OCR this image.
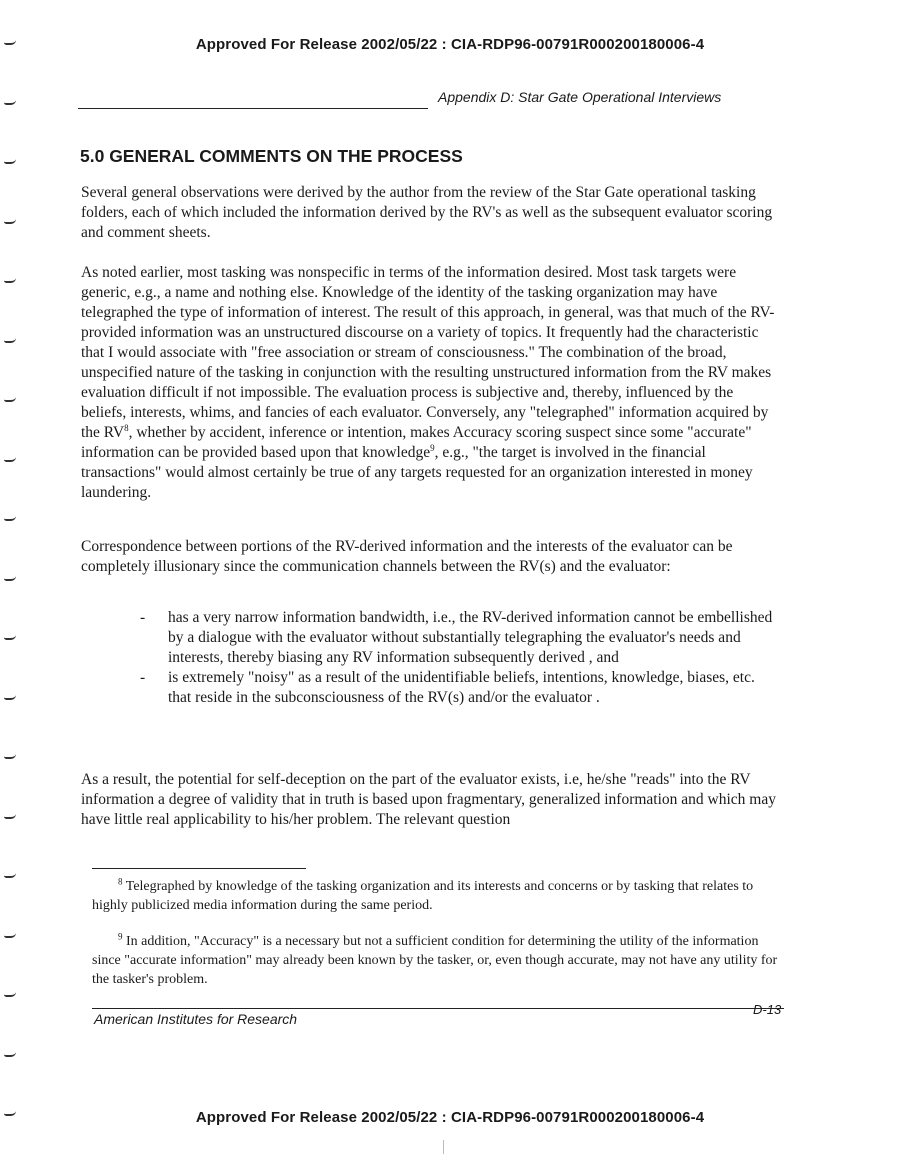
Approved For Release 2002/05/22 : CIA-RDP96-00791R000200180006-4
Appendix D: Star Gate Operational Interviews
5.0 GENERAL COMMENTS ON THE PROCESS

Several general observations were derived by the author from the review of the Star Gate operational tasking folders, each of which included the information derived by the RV's as well as the subsequent evaluator scoring and comment sheets.

As noted earlier, most tasking was nonspecific in terms of the information desired. Most task targets were generic, e.g., a name and nothing else. Knowledge of the identity of the tasking organization may have telegraphed the type of information of interest. The result of this approach, in general, was that much of the RV-provided information was an unstructured discourse on a variety of topics. It frequently had the characteristic that I would associate with "free association or stream of consciousness." The combination of the broad, unspecified nature of the tasking in conjunction with the resulting unstructured information from the RV makes evaluation difficult if not impossible. The evaluation process is subjective and, thereby, influenced by the beliefs, interests, whims, and fancies of each evaluator. Conversely, any "telegraphed" information acquired by the $RV^8$, whether by accident, inference or intention, makes Accuracy scoring suspect since some "accurate" information can be provided based upon that knowledge$^9$, e.g., "the target is involved in the financial transactions" would almost certainly be true of any targets requested for an organization interested in money laundering.

Correspondence between portions of the RV-derived information and the interests of the evaluator can be completely illusionary since the communication channels between the RV(s) and the evaluator:

- has a very narrow information bandwidth, i.e., the RV-derived information cannot be embellished by a dialogue with the evaluator without substantially telegraphing the evaluator's needs and interests, thereby biasing any RV information subsequently derived , and

- is extremely "noisy" as a result of the unidentifiable beliefs, intentions, knowledge, biases, etc. that reside in the subconsciousness of the RV(s) and/or the evaluator .

As a result, the potential for self-deception on the part of the evaluator exists, i.e, he/she "reads" into the RV information a degree of validity that in truth is based upon fragmentary, generalized information and which may have little real applicability to his/her problem. The relevant question

$^8$ Telegraphed by knowledge of the tasking organization and its interests and concerns or by tasking that relates to highly publicized media information during the same period.

$^9$ In addition, "Accuracy" is a necessary but not a sufficient condition for determining the utility of the information since "accurate information" may already been known by the tasker, or, even though accurate, may not have any utility for the tasker's problem.

American Institutes for Research
D-13
Approved For Release 2002/05/22 : CIA-RDP96-00791R000200180006-4
